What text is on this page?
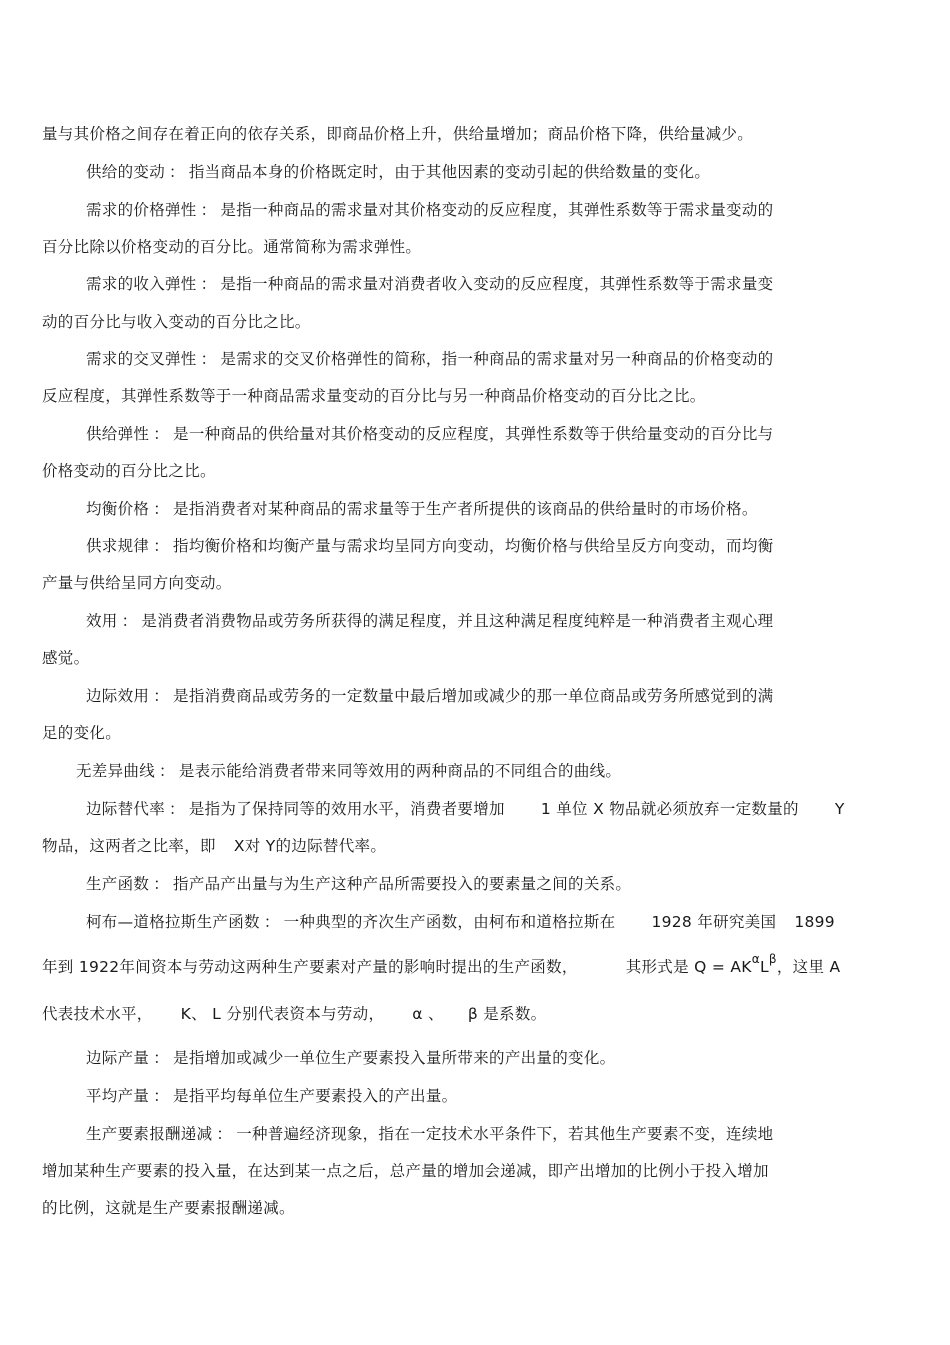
量与其价格之间存在着正向的依存关系，即商品价格上升，供给量增加；商品价格下降，供给量减少。

供给的变动 ： 指当商品本身的价格既定时，由于其他因素的变动引起的供给数量的变化。

需求的价格弹性 ： 是指一种商品的需求量对其价格变动的反应程度，其弹性系数等于需求量变动的

百分比除以价格变动的百分比。通常简称为需求弹性。

需求的收入弹性 ： 是指一种商品的需求量对消费者收入变动的反应程度，其弹性系数等于需求量变

动的百分比与收入变动的百分比之比。

需求的交叉弹性 ： 是需求的交叉价格弹性的简称，指一种商品的需求量对另一种商品的价格变动的

反应程度，其弹性系数等于一种商品需求量变动的百分比与另一种商品价格变动的百分比之比。

供给弹性 ： 是一种商品的供给量对其价格变动的反应程度，其弹性系数等于供给量变动的百分比与

价格变动的百分比之比。

均衡价格 ： 是指消费者对某种商品的需求量等于生产者所提供的该商品的供给量时的市场价格。

供求规律 ： 指均衡价格和均衡产量与需求均呈同方向变动，均衡价格与供给呈反方向变动，而均衡

产量与供给呈同方向变动。

效用 ： 是消费者消费物品或劳务所获得的满足程度，并且这种满足程度纯粹是一种消费者主观心理

感觉。

边际效用 ： 是指消费商品或劳务的一定数量中最后增加或减少的那一单位商品或劳务所感觉到的满

足的变化。

无差异曲线 ： 是表示能给消费者带来同等效用的两种商品的不同组合的曲线。

边际替代率 ： 是指为了保持同等的效用水平，消费者要增加 1 单位 X 物品就必须放弃一定数量的 Y

物品，这两者之比率，即 X对 Y的边际替代率。

生产函数 ： 指产品产出量与为生产这种产品所需要投入的要素量之间的关系。

柯布—道格拉斯生产函数 ： 一种典型的齐次生产函数，由柯布和道格拉斯在 1928 年研究美国 1899

年到 1922年间资本与劳动这两种生产要素对产量的影响时提出的生产函数，	其形式是 $Q = AK^\alpha L^\beta$，这里 A

代表技术水平， K、 L 分别代表资本与劳动， α 、 β 是系数。

边际产量 ： 是指增加或减少一单位生产要素投入量所带来的产出量的变化。

平均产量 ： 是指平均每单位生产要素投入的产出量。

生产要素报酬递减 ： 一种普遍经济现象，指在一定技术水平条件下，若其他生产要素不变，连续地

增加某种生产要素的投入量，在达到某一点之后，总产量的增加会递减，即产出增加的比例小于投入增加

的比例，这就是生产要素报酬递减。
